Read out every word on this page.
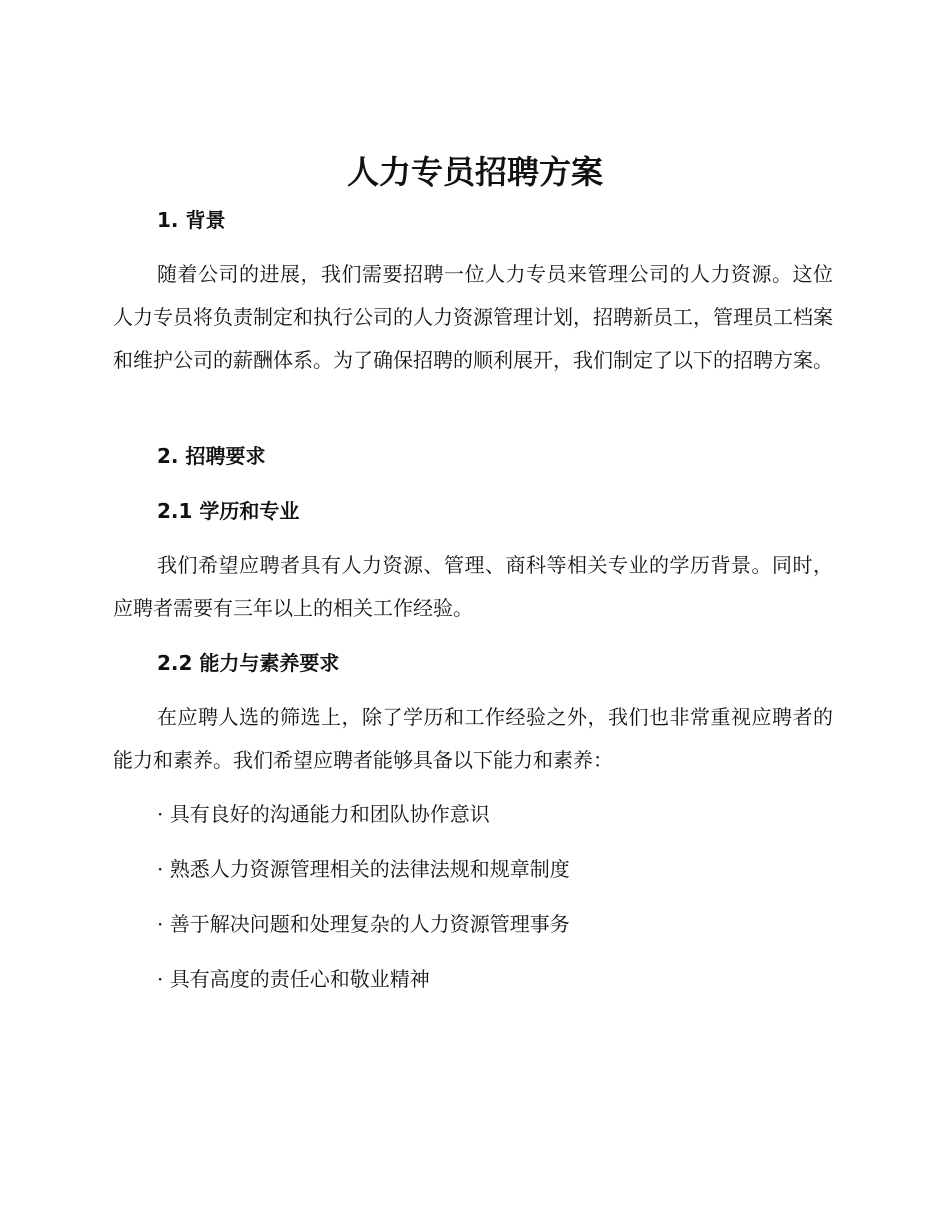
人力专员招聘方案
1. 背景

随着公司的进展，我们需要招聘一位人力专员来管理公司的人力资源。这位人力专员将负责制定和执行公司的人力资源管理计划，招聘新员工，管理员工档案和维护公司的薪酬体系。为了确保招聘的顺利展开，我们制定了以下的招聘方案。

2. 招聘要求
2.1 学历和专业

我们希望应聘者具有人力资源、管理、商科等相关专业的学历背景。同时，应聘者需要有三年以上的相关工作经验。

2.2 能力与素养要求

在应聘人选的筛选上，除了学历和工作经验之外，我们也非常重视应聘者的能力和素养。我们希望应聘者能够具备以下能力和素养：

· 具有良好的沟通能力和团队协作意识

· 熟悉人力资源管理相关的法律法规和规章制度

· 善于解决问题和处理复杂的人力资源管理事务

· 具有高度的责任心和敬业精神
